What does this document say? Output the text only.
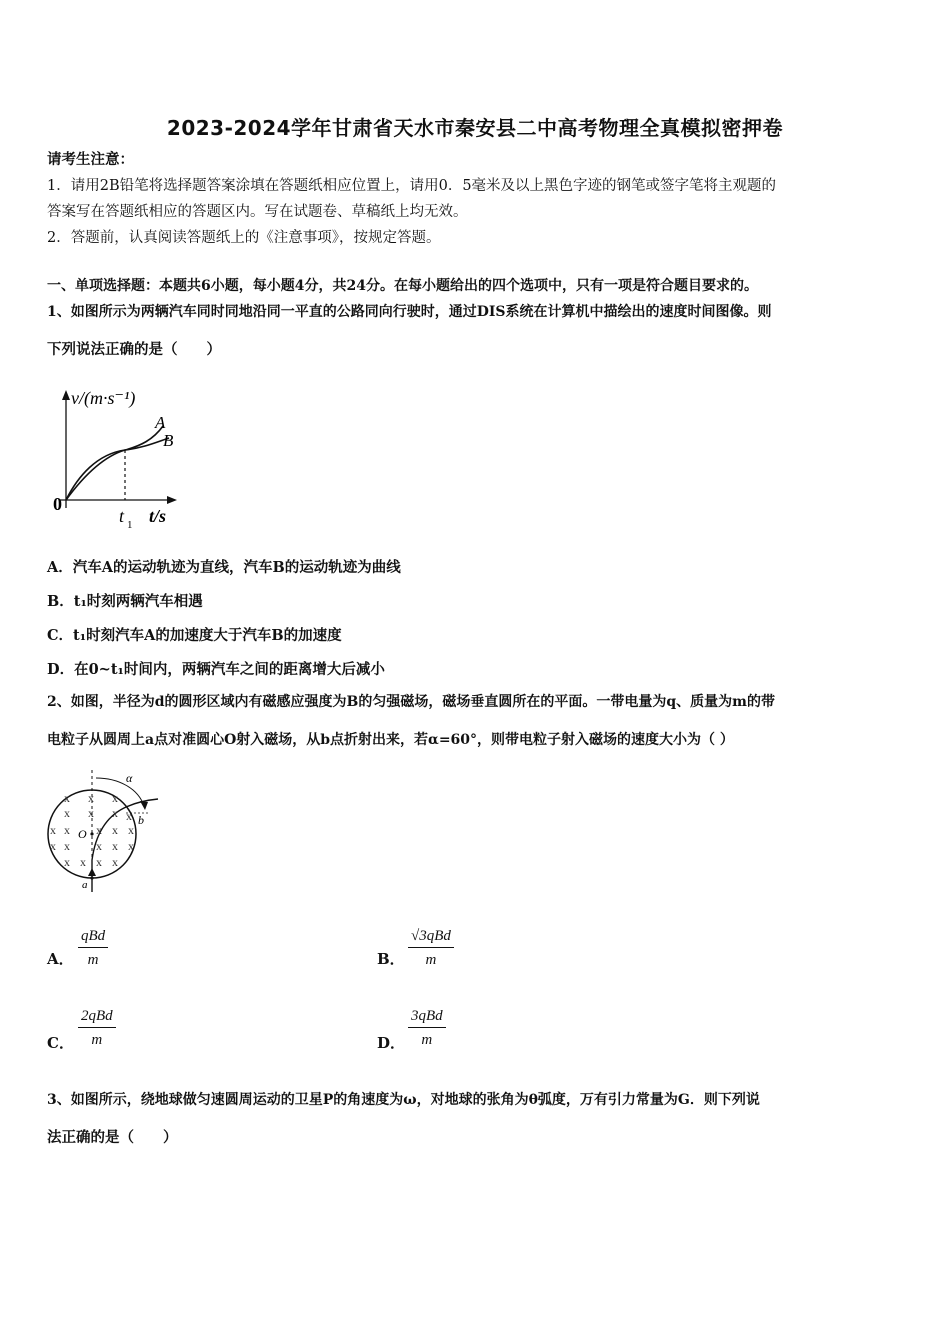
2023-2024学年甘肃省天水市秦安县二中高考物理全真模拟密押卷
请考生注意：
1．请用2B铅笔将选择题答案涂填在答题纸相应位置上，请用0．5毫米及以上黑色字迹的钢笔或签字笔将主观题的
答案写在答题纸相应的答题区内。写在试题卷、草稿纸上均无效。
2．答题前，认真阅读答题纸上的《注意事项》，按规定答题。
一、单项选择题：本题共6小题，每小题4分，共24分。在每小题给出的四个选项中，只有一项是符合题目要求的。
1、如图所示为两辆汽车同时同地沿同一平直的公路同向行驶时，通过DIS系统在计算机中描绘出的速度时间图像。则
下列说法正确的是（　　）
v/(m·s⁻¹)
0
t 1 t/s
A
B
A．汽车A的运动轨迹为直线，汽车B的运动轨迹为曲线
B．t₁时刻两辆汽车相遇
C．t₁时刻汽车A的加速度大于汽车B的加速度
D．在0~t₁时间内，两辆汽车之间的距离增大后减小
2、如图，半径为d的圆形区域内有磁感应强度为B的匀强磁场，磁场垂直圆所在的平面。一带电量为q、质量为m的带
电粒子从圆周上a点对准圆心O射入磁场，从b点折射出来，若α=60°，则带电粒子射入磁场的速度大小为（ ）
x x x
x x x x
x x x x x
x x x x x
x x x x
α
b
O
a
A．
qBd
m	B．
√3qBd
m
C．
2qBd
m	D．
3qBd
m
3、如图所示，绕地球做匀速圆周运动的卫星P的角速度为ω，对地球的张角为θ弧度，万有引力常量为G．则下列说
法正确的是（　　）
